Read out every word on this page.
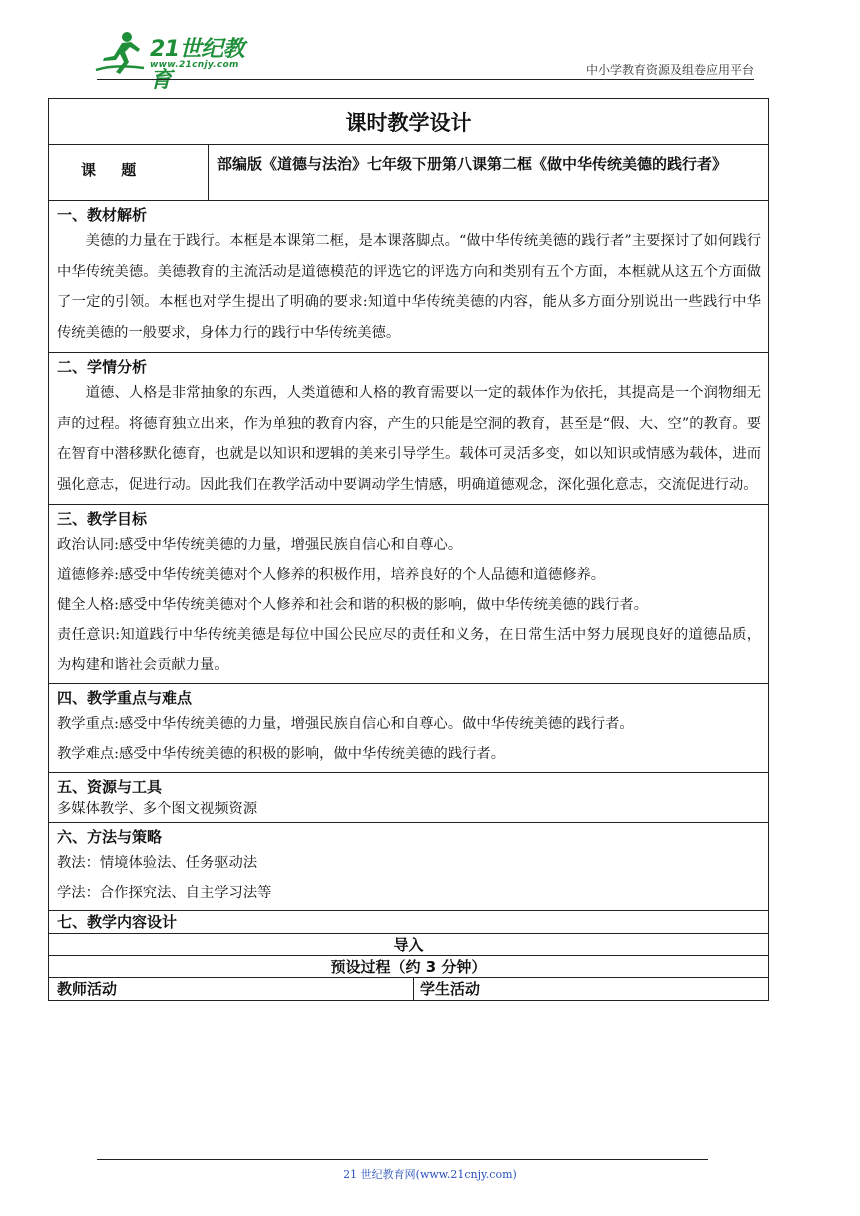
21世纪教育
www.21cnjy.com	中小学教育资源及组卷应用平台
课时教学设计
课 题	部编版《道德与法治》七年级下册第八课第二框《做中华传统美德的践行者》
一、教材解析
美德的力量在于践行。本框是本课第二框，是本课落脚点。“做中华传统美德的践行者”主要探讨了如何践行中华传统美德。美德教育的主流活动是道德模范的评选它的评选方向和类别有五个方面，本框就从这五个方面做了一定的引领。本框也对学生提出了明确的要求:知道中华传统美德的内容，能从多方面分别说出一些践行中华传统美德的一般要求，身体力行的践行中华传统美德。
二、学情分析
道德、人格是非常抽象的东西，人类道德和人格的教育需要以一定的载体作为依托，其提高是一个润物细无声的过程。将德育独立出来，作为单独的教育内容，产生的只能是空洞的教育，甚至是“假、大、空”的教育。要在智育中潜移默化德育，也就是以知识和逻辑的美来引导学生。载体可灵活多变，如以知识或情感为载体，进而强化意志，促进行动。因此我们在教学活动中要调动学生情感，明确道德观念，深化强化意志，交流促进行动。
三、教学目标
政治认同:感受中华传统美德的力量，增强民族自信心和自尊心。
道德修养:感受中华传统美德对个人修养的积极作用，培养良好的个人品德和道德修养。
健全人格:感受中华传统美德对个人修养和社会和谐的积极的影响，做中华传统美德的践行者。
责任意识:知道践行中华传统美德是每位中国公民应尽的责任和义务，在日常生活中努力展现良好的道德品质，为构建和谐社会贡献力量。
四、教学重点与难点
教学重点:感受中华传统美德的力量，增强民族自信心和自尊心。做中华传统美德的践行者。
教学难点:感受中华传统美德的积极的影响，做中华传统美德的践行者。
五、资源与工具
多媒体教学、多个图文视频资源
六、方法与策略
教法：情境体验法、任务驱动法
学法：合作探究法、自主学习法等
七、教学内容设计
导入
预设过程（约 3 分钟）
教师活动	学生活动
21 世纪教育网(www.21cnjy.com)
